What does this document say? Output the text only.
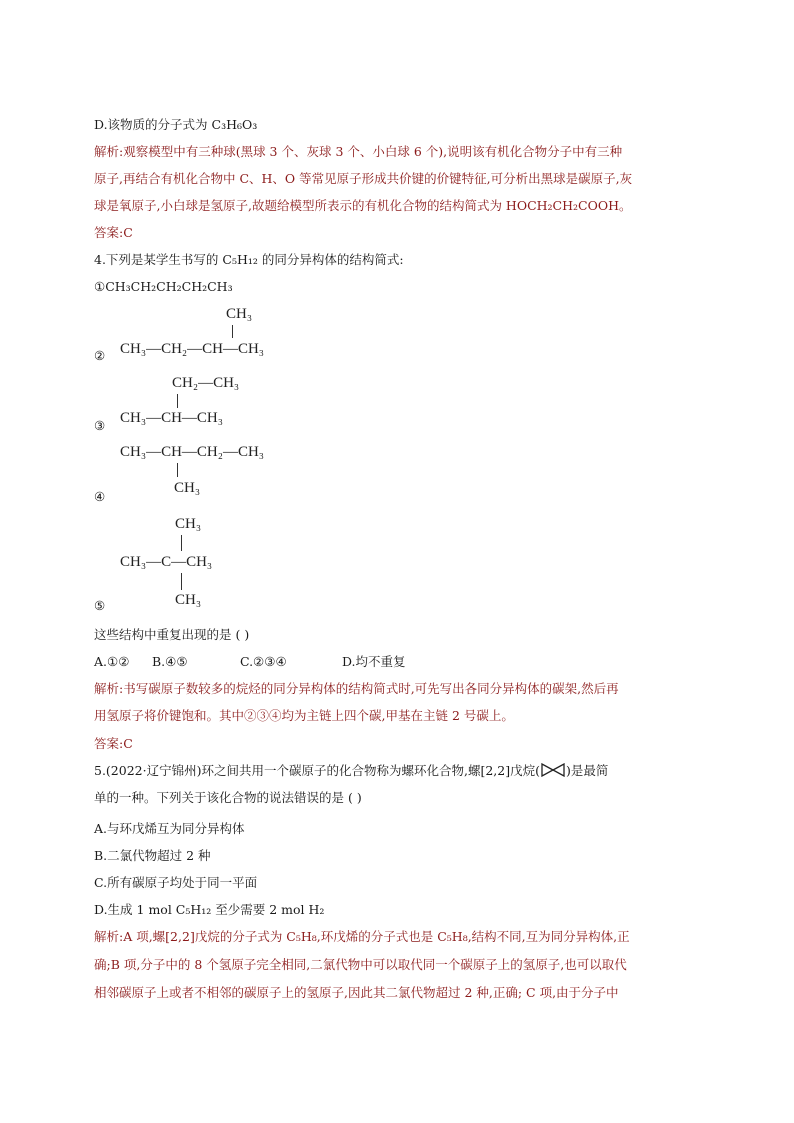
D.该物质的分子式为 C₃H₆O₃
解析:观察模型中有三种球(黑球 3 个、灰球 3 个、小白球 6 个),说明该有机化合物分子中有三种
原子,再结合有机化合物中 C、H、O 等常见原子形成共价键的价键特征,可分析出黑球是碳原子,灰
球是氧原子,小白球是氢原子,故题给模型所表示的有机化合物的结构简式为 HOCH₂CH₂COOH。
答案:C
4.下列是某学生书写的 C₅H₁₂ 的同分异构体的结构简式:
①CH₃CH₂CH₂CH₂CH₃
CH₃
② CH₃—CH₂—CH—CH₃
CH₂—CH₃
③ CH₃—CH—CH₃
CH₃—CH—CH₂—CH₃
CH₃
④
CH₃
CH₃—C—CH₃
CH₃
⑤
这些结构中重复出现的是 ( )
A.①② B.④⑤	C.②③④	D.均不重复
解析:书写碳原子数较多的烷烃的同分异构体的结构简式时,可先写出各同分异构体的碳架,然后再
用氢原子将价键饱和。其中②③④均为主链上四个碳,甲基在主链 2 号碳上。
答案:C
5.(2022·辽宁锦州)环之间共用一个碳原子的化合物称为螺环化合物,螺[2,2]戊烷( )是最简
单的一种。下列关于该化合物的说法错误的是 ( )
A.与环戊烯互为同分异构体
B.二氯代物超过 2 种
C.所有碳原子均处于同一平面
D.生成 1 mol C₅H₁₂ 至少需要 2 mol H₂
解析:A 项,螺[2,2]戊烷的分子式为 C₅H₈,环戊烯的分子式也是 C₅H₈,结构不同,互为同分异构体,正
确;B 项,分子中的 8 个氢原子完全相同,二氯代物中可以取代同一个碳原子上的氢原子,也可以取代
相邻碳原子上或者不相邻的碳原子上的氢原子,因此其二氯代物超过 2 种,正确; C 项,由于分子中
